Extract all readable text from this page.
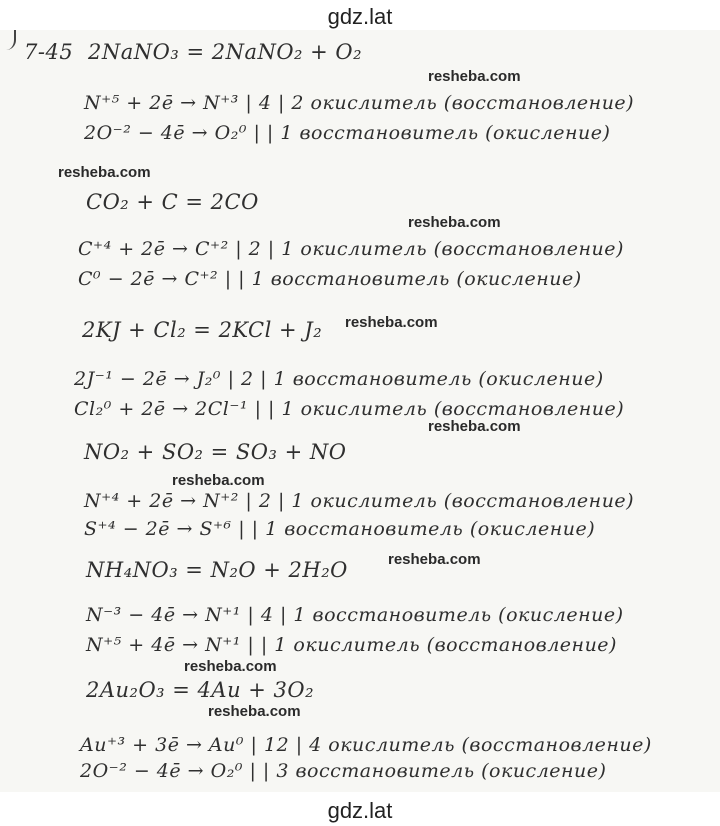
gdz.lat
7-45 2NaNO₃ = 2NaNO₂ + O₂
N⁺⁵ + 2ē → N⁺³ | 4 | 2 окислитель (восстановление)
2O⁻² − 4ē → O₂⁰ | | 1 восстановитель (окисление)
CO₂ + C = 2CO
C⁺⁴ + 2ē → C⁺² | 2 | 1 окислитель (восстановление)
C⁰ − 2ē → C⁺² | | 1 восстановитель (окисление)
2KJ + Cl₂ = 2KCl + J₂
2J⁻¹ − 2ē → J₂⁰ | 2 | 1 восстановитель (окисление)
Cl₂⁰ + 2ē → 2Cl⁻¹ | | 1 окислитель (восстановление)
NO₂ + SO₂ = SO₃ + NO
N⁺⁴ + 2ē → N⁺² | 2 | 1 окислитель (восстановление)
S⁺⁴ − 2ē → S⁺⁶ | | 1 восстановитель (окисление)
NH₄NO₃ = N₂O + 2H₂O
N⁻³ − 4ē → N⁺¹ | 4 | 1 восстановитель (окисление)
N⁺⁵ + 4ē → N⁺¹ | | 1 окислитель (восстановление)
2Au₂O₃ = 4Au + 3O₂
Au⁺³ + 3ē → Au⁰ | 12 | 4 окислитель (восстановление)
2O⁻² − 4ē → O₂⁰ | | 3 восстановитель (окисление)
resheba.com
resheba.com
resheba.com
resheba.com
resheba.com
resheba.com
resheba.com
resheba.com
resheba.com
gdz.lat
